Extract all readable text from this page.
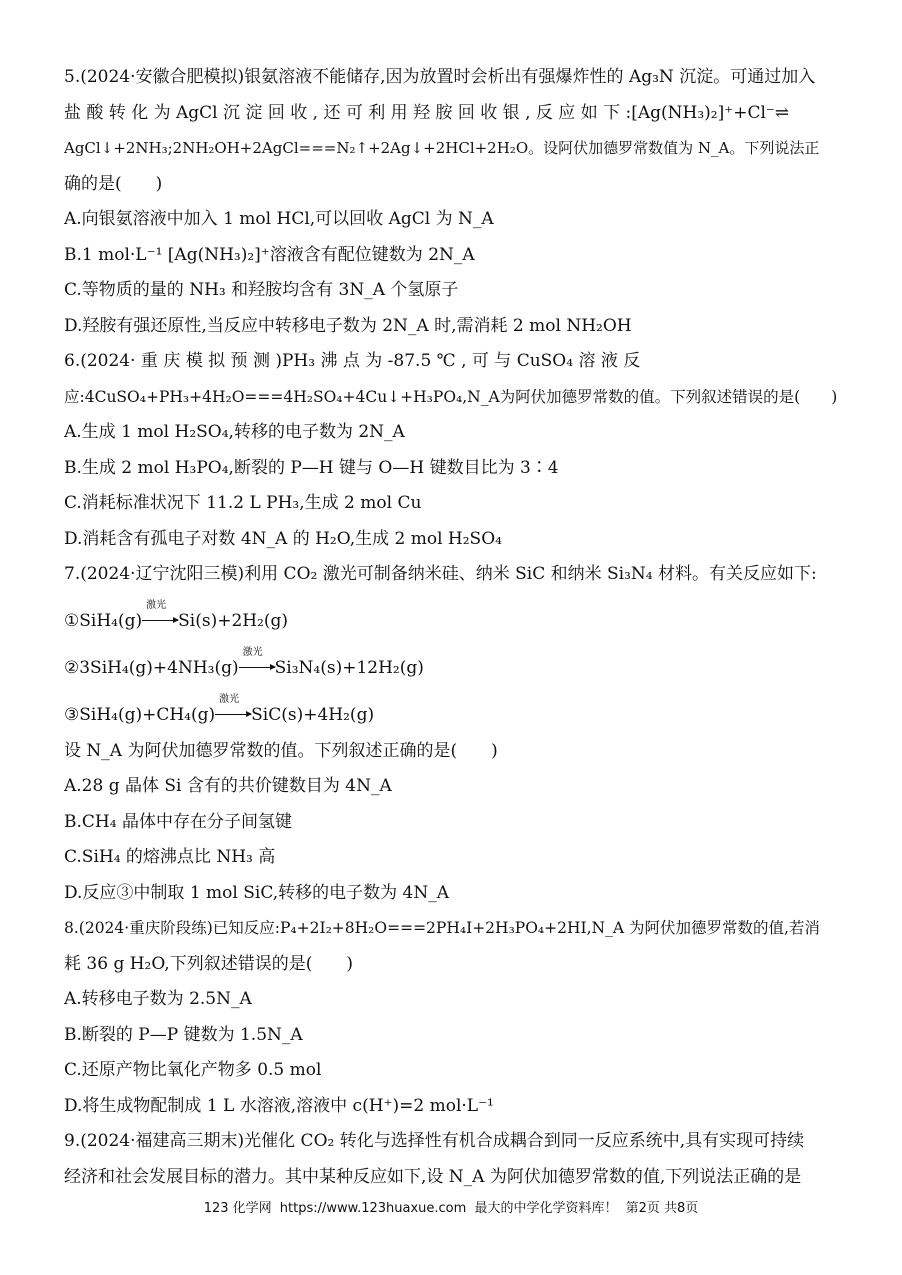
5.(2024·安徽合肥模拟)银氨溶液不能储存,因为放置时会析出有强爆炸性的 Ag₃N 沉淀。可通过加入
盐 酸 转 化 为 AgCl 沉 淀 回 收 , 还 可 利 用 羟 胺 回 收 银 , 反 应 如 下 :[Ag(NH₃)₂]⁺+Cl⁻⇌
AgCl↓+2NH₃;2NH₂OH+2AgCl===N₂↑+2Ag↓+2HCl+2H₂O。设阿伏加德罗常数值为 N_A。下列说法正
确的是(　　)
A.向银氨溶液中加入 1 mol HCl,可以回收 AgCl 为 N_A
B.1 mol·L⁻¹ [Ag(NH₃)₂]⁺溶液含有配位键数为 2N_A
C.等物质的量的 NH₃ 和羟胺均含有 3N_A 个氢原子
D.羟胺有强还原性,当反应中转移电子数为 2N_A 时,需消耗 2 mol NH₂OH
6.(2024· 重 庆 模 拟 预 测 )PH₃ 沸 点 为 -87.5 ℃ , 可 与 CuSO₄ 溶 液 反
应:4CuSO₄+PH₃+4H₂O===4H₂SO₄+4Cu↓+H₃PO₄,N_A为阿伏加德罗常数的值。下列叙述错误的是(　　)
A.生成 1 mol H₂SO₄,转移的电子数为 2N_A
B.生成 2 mol H₃PO₄,断裂的 P—H 键与 O—H 键数目比为 3∶4
C.消耗标准状况下 11.2 L PH₃,生成 2 mol Cu
D.消耗含有孤电子对数 4N_A 的 H₂O,生成 2 mol H₂SO₄
7.(2024·辽宁沈阳三模)利用 CO₂ 激光可制备纳米硅、纳米 SiC 和纳米 Si₃N₄ 材料。有关反应如下:
①SiH₄(g)
激光
Si(s)+2H₂(g)
②3SiH₄(g)+4NH₃(g)
激光
Si₃N₄(s)+12H₂(g)
③SiH₄(g)+CH₄(g)
激光
SiC(s)+4H₂(g)
设 N_A 为阿伏加德罗常数的值。下列叙述正确的是(　　)
A.28 g 晶体 Si 含有的共价键数目为 4N_A
B.CH₄ 晶体中存在分子间氢键
C.SiH₄ 的熔沸点比 NH₃ 高
D.反应③中制取 1 mol SiC,转移的电子数为 4N_A
8.(2024·重庆阶段练)已知反应:P₄+2I₂+8H₂O===2PH₄I+2H₃PO₄+2HI,N_A 为阿伏加德罗常数的值,若消
耗 36 g H₂O,下列叙述错误的是(　　)
A.转移电子数为 2.5N_A
B.断裂的 P—P 键数为 1.5N_A
C.还原产物比氧化产物多 0.5 mol
D.将生成物配制成 1 L 水溶液,溶液中 c(H⁺)=2 mol·L⁻¹
9.(2024·福建高三期末)光催化 CO₂ 转化与选择性有机合成耦合到同一反应系统中,具有实现可持续
经济和社会发展目标的潜力。其中某种反应如下,设 N_A 为阿伏加德罗常数的值,下列说法正确的是
123 化学网 https://www.123huaxue.com 最大的中学化学资料库！ 第2页 共8页
